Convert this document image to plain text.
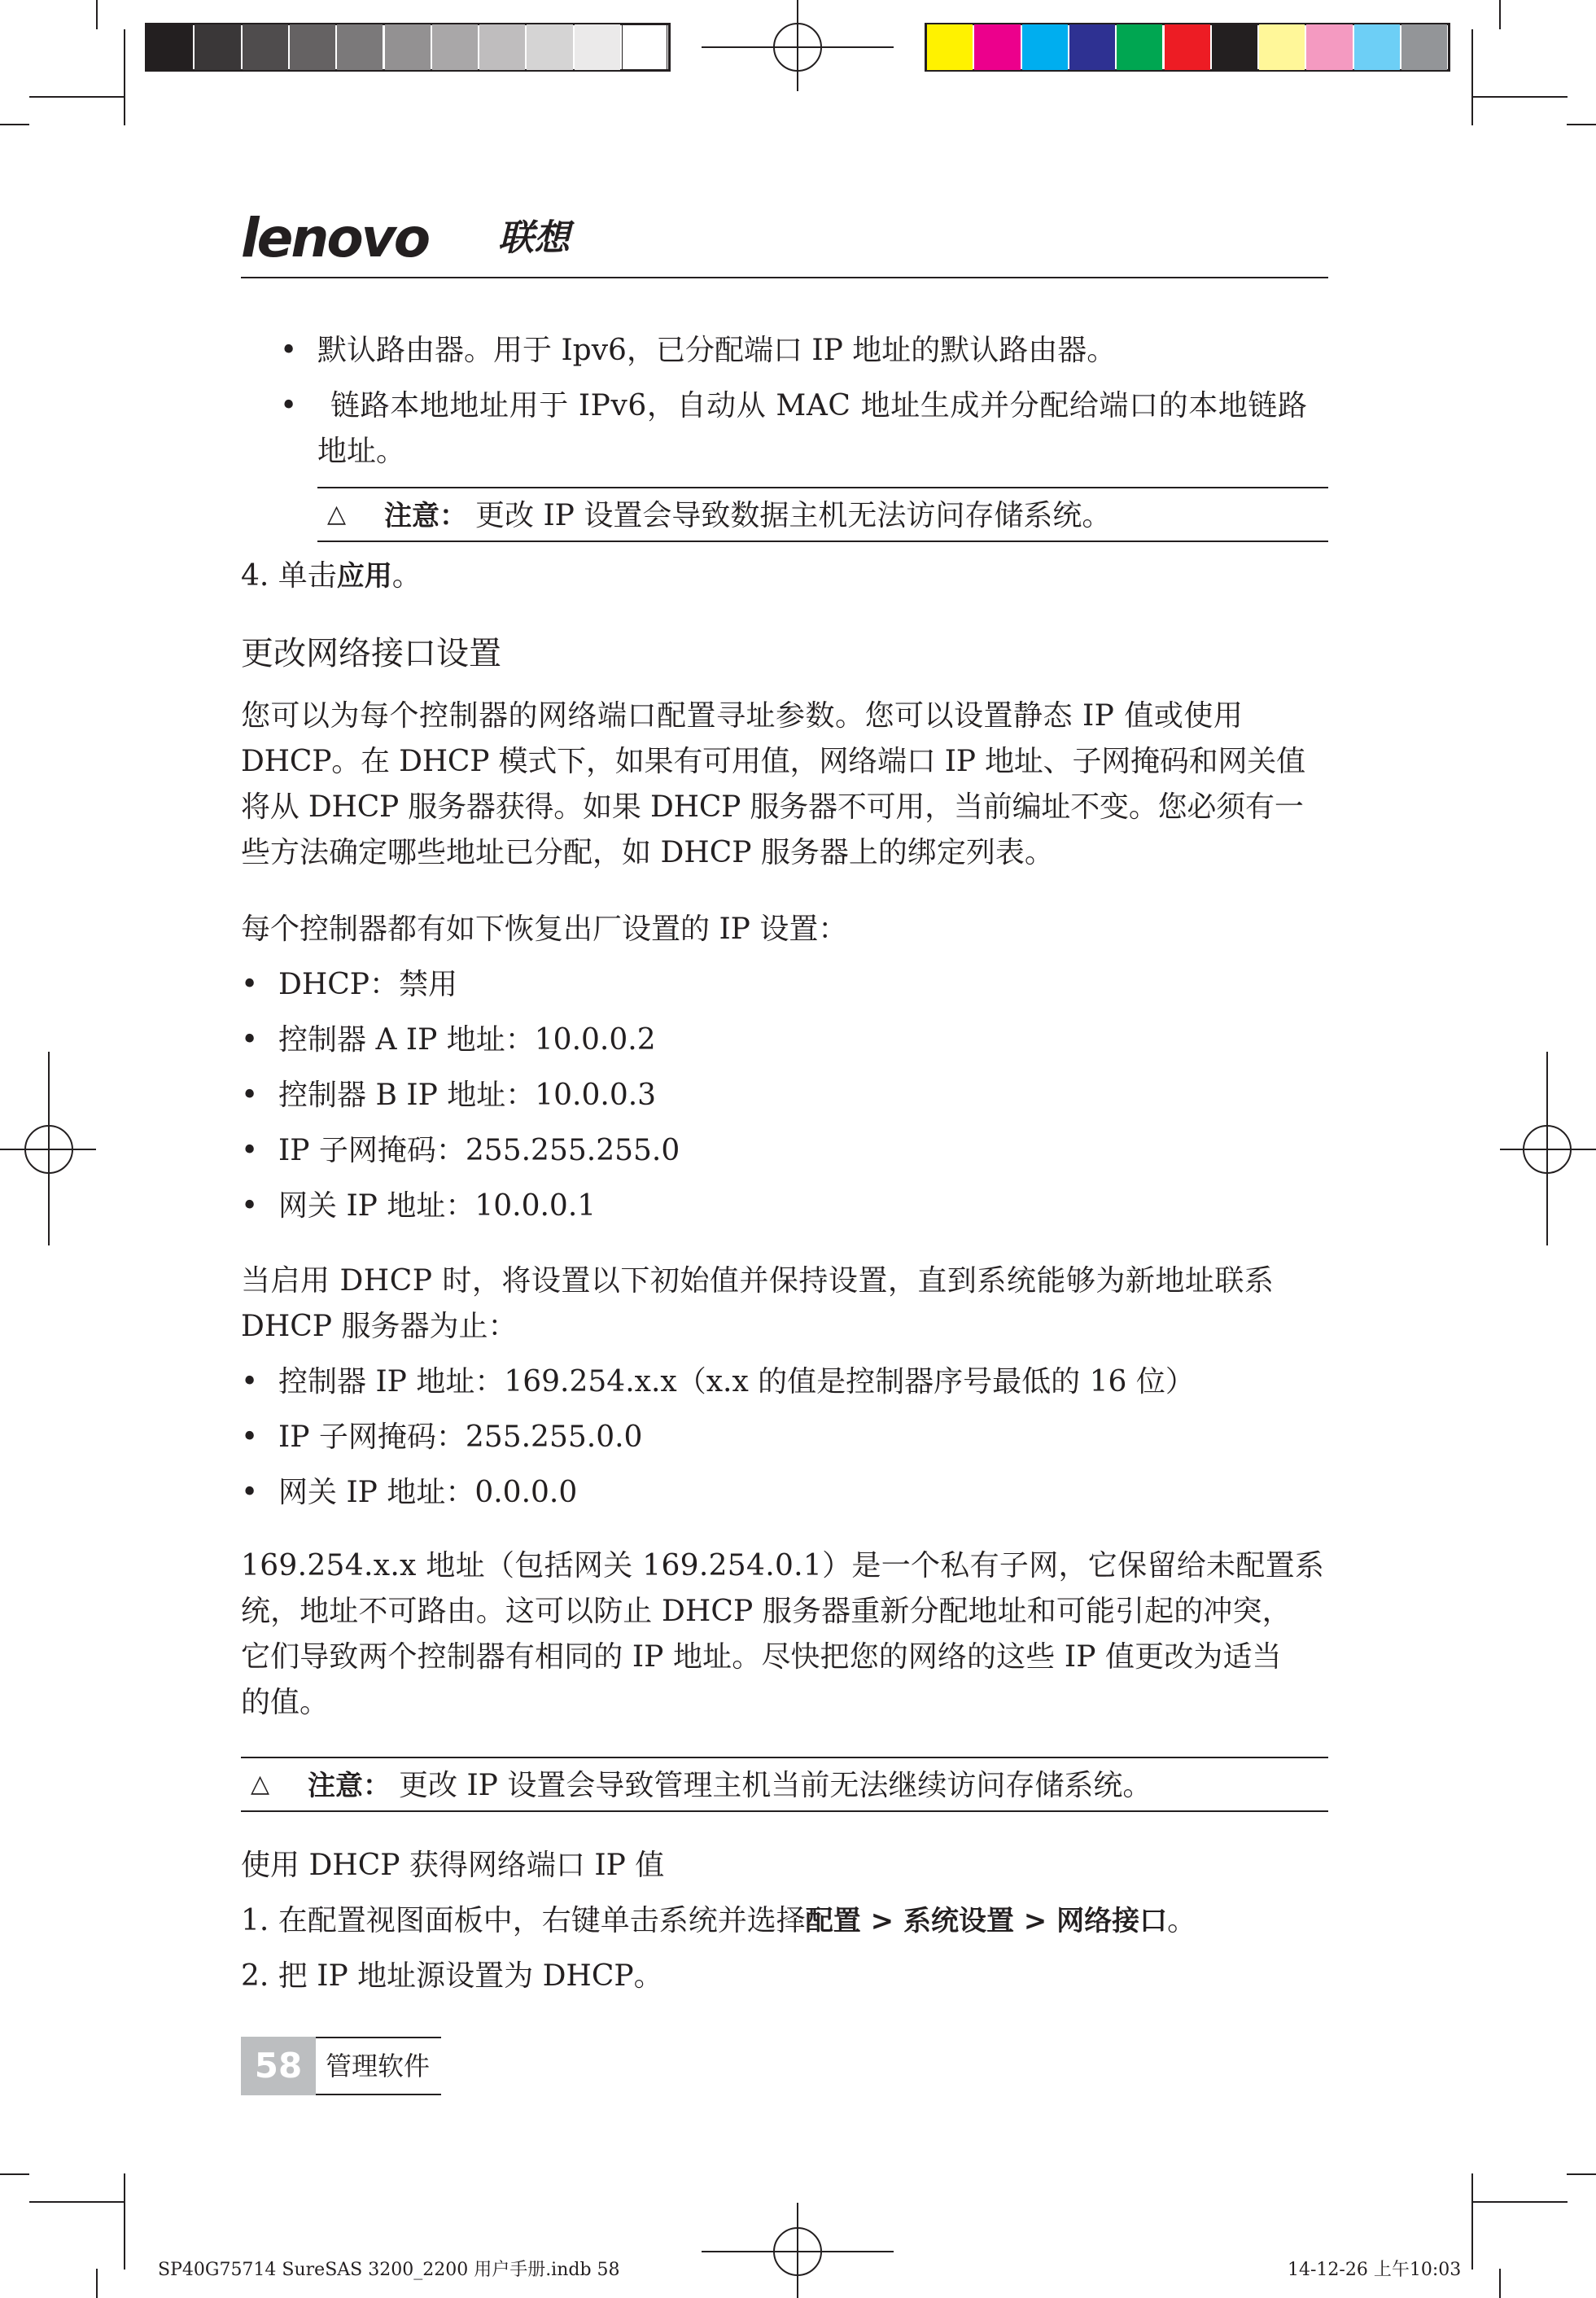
lenovo 联想
• 默认路由器。用于 Ipv6，已分配端口 IP 地址的默认路由器。
• 链路本地地址用于 IPv6，自动从 MAC 地址生成并分配给端口的本地链路
地址。
△ 注意： 更改 IP 设置会导致数据主机无法访问存储系统。
4. 单击应用。
更改网络接口设置
您可以为每个控制器的网络端口配置寻址参数。您可以设置静态 IP 值或使用
DHCP。在 DHCP 模式下，如果有可用值，网络端口 IP 地址、子网掩码和网关值
将从 DHCP 服务器获得。如果 DHCP 服务器不可用，当前编址不变。您必须有一
些方法确定哪些地址已分配，如 DHCP 服务器上的绑定列表。
每个控制器都有如下恢复出厂设置的 IP 设置：
• DHCP：禁用
• 控制器 A IP 地址：10.0.0.2
• 控制器 B IP 地址：10.0.0.3
• IP 子网掩码：255.255.255.0
• 网关 IP 地址：10.0.0.1
当启用 DHCP 时，将设置以下初始值并保持设置，直到系统能够为新地址联系
DHCP 服务器为止：
• 控制器 IP 地址：169.254.x.x（x.x 的值是控制器序号最低的 16 位）
• IP 子网掩码：255.255.0.0
• 网关 IP 地址：0.0.0.0
169.254.x.x 地址（包括网关 169.254.0.1）是一个私有子网，它保留给未配置系
统，地址不可路由。这可以防止 DHCP 服务器重新分配地址和可能引起的冲突，
它们导致两个控制器有相同的 IP 地址。尽快把您的网络的这些 IP 值更改为适当
的值。
△ 注意： 更改 IP 设置会导致管理主机当前无法继续访问存储系统。
使用 DHCP 获得网络端口 IP 值
1. 在配置视图面板中，右键单击系统并选择配置 > 系统设置 > 网络接口。
2. 把 IP 地址源设置为 DHCP。
58 管理软件
SP40G75714 SureSAS 3200_2200 用户手册.indb 58	14-12-26 上午10:03
